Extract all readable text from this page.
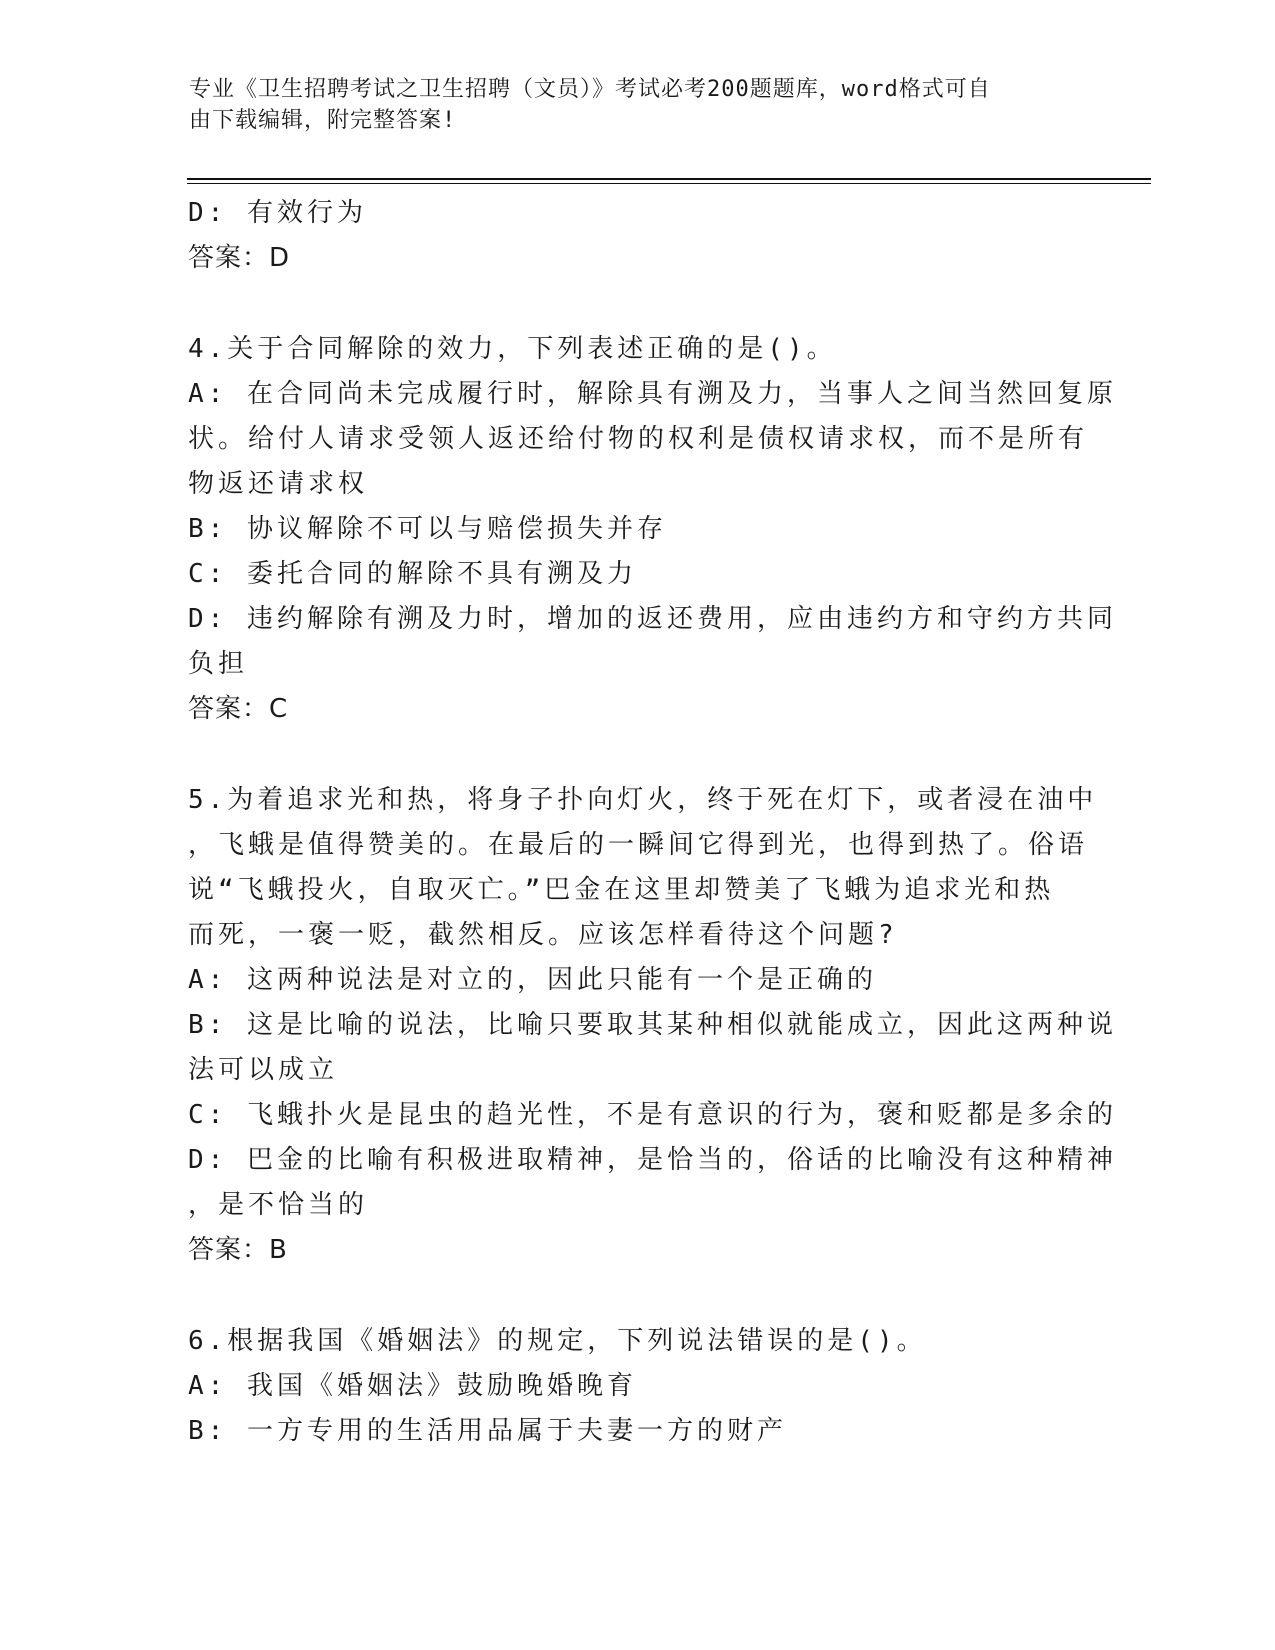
专业《卫生招聘考试之卫生招聘（文员）》考试必考200题题库，word格式可自
由下载编辑，附完整答案!
D: 有效行为
答案：D
4.关于合同解除的效力，下列表述正确的是()。
A: 在合同尚未完成履行时，解除具有溯及力，当事人之间当然回复原
状。给付人请求受领人返还给付物的权利是债权请求权，而不是所有
物返还请求权
B: 协议解除不可以与赔偿损失并存
C: 委托合同的解除不具有溯及力
D: 违约解除有溯及力时，增加的返还费用，应由违约方和守约方共同
负担
答案：C
5.为着追求光和热，将身子扑向灯火，终于死在灯下，或者浸在油中
，飞蛾是值得赞美的。在最后的一瞬间它得到光，也得到热了。俗语
说“飞蛾投火，自取灭亡。”巴金在这里却赞美了飞蛾为追求光和热
而死，一褒一贬，截然相反。应该怎样看待这个问题?
A: 这两种说法是对立的，因此只能有一个是正确的
B: 这是比喻的说法，比喻只要取其某种相似就能成立，因此这两种说
法可以成立
C: 飞蛾扑火是昆虫的趋光性，不是有意识的行为，褒和贬都是多余的
D: 巴金的比喻有积极进取精神，是恰当的，俗话的比喻没有这种精神
，是不恰当的
答案：B
6.根据我国《婚姻法》的规定，下列说法错误的是()。
A: 我国《婚姻法》鼓励晚婚晚育
B: 一方专用的生活用品属于夫妻一方的财产
